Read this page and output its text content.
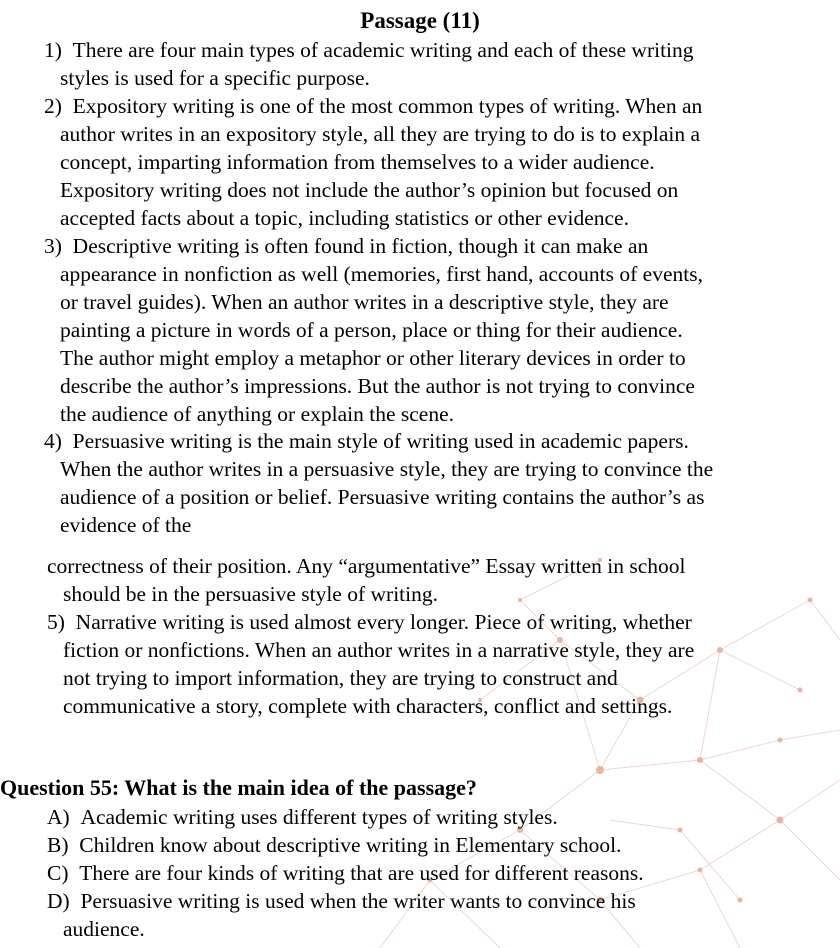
Passage (11)
1) There are four main types of academic writing and each of these writing
styles is used for a specific purpose.
2) Expository writing is one of the most common types of writing. When an
author writes in an expository style, all they are trying to do is to explain a
concept, imparting information from themselves to a wider audience.
Expository writing does not include the author’s opinion but focused on
accepted facts about a topic, including statistics or other evidence.
3) Descriptive writing is often found in fiction, though it can make an
appearance in nonfiction as well (memories, first hand, accounts of events,
or travel guides). When an author writes in a descriptive style, they are
painting a picture in words of a person, place or thing for their audience.
The author might employ a metaphor or other literary devices in order to
describe the author’s impressions. But the author is not trying to convince
the audience of anything or explain the scene.
4) Persuasive writing is the main style of writing used in academic papers.
When the author writes in a persuasive style, they are trying to convince the
audience of a position or belief. Persuasive writing contains the author’s as
evidence of the
correctness of their position. Any “argumentative” Essay written in school
should be in the persuasive style of writing.
5) Narrative writing is used almost every longer. Piece of writing, whether
fiction or nonfictions. When an author writes in a narrative style, they are
not trying to import information, they are trying to construct and
communicative a story, complete with characters, conflict and settings.
Question 55: What is the main idea of the passage?
A) Academic writing uses different types of writing styles.
B) Children know about descriptive writing in Elementary school.
C) There are four kinds of writing that are used for different reasons.
D) Persuasive writing is used when the writer wants to convince his
audience.
